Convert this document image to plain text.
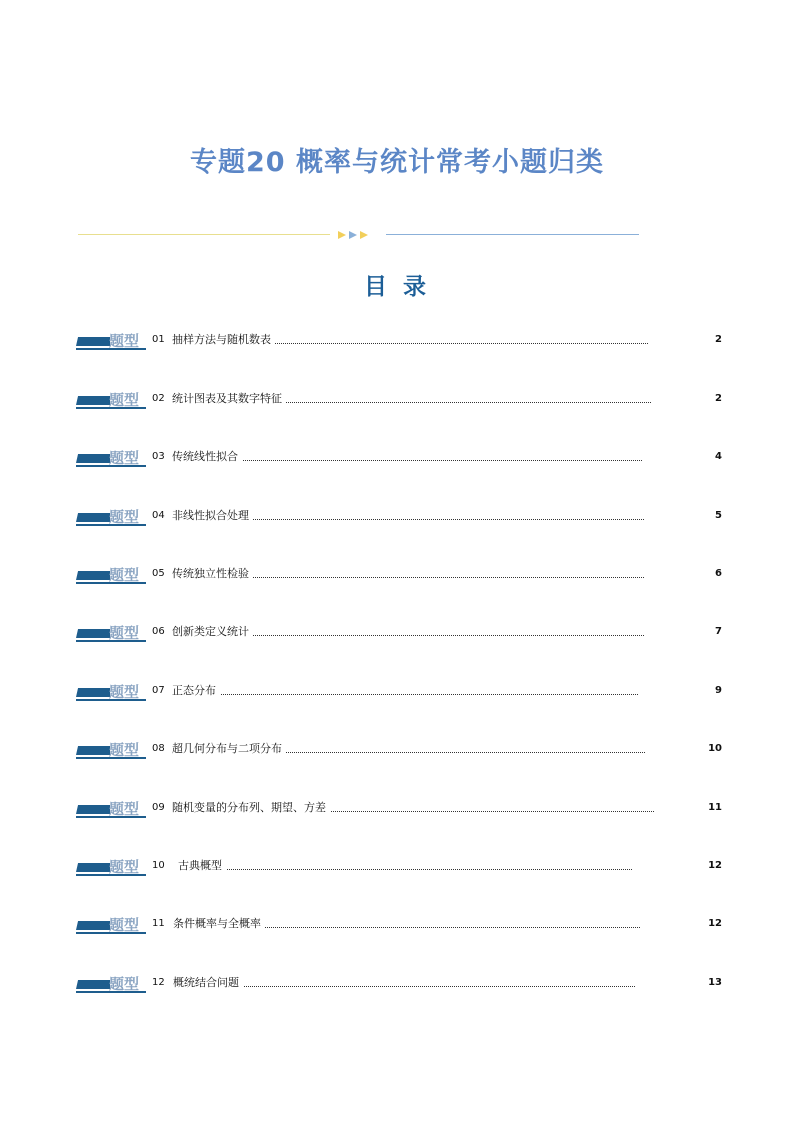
专题20 概率与统计常考小题归类
目 录
题型 01 抽样方法与随机数表	2
题型 02 统计图表及其数字特征	2
题型 03 传统线性拟合	4
题型 04 非线性拟合处理	5
题型 05 传统独立性检验	6
题型 06 创新类定义统计	7
题型 07 正态分布	9
题型 08 超几何分布与二项分布	10
题型 09 随机变量的分布列、期望、方差	11
题型 10 古典概型	12
题型 11 条件概率与全概率	12
题型 12 概统结合问题	13
